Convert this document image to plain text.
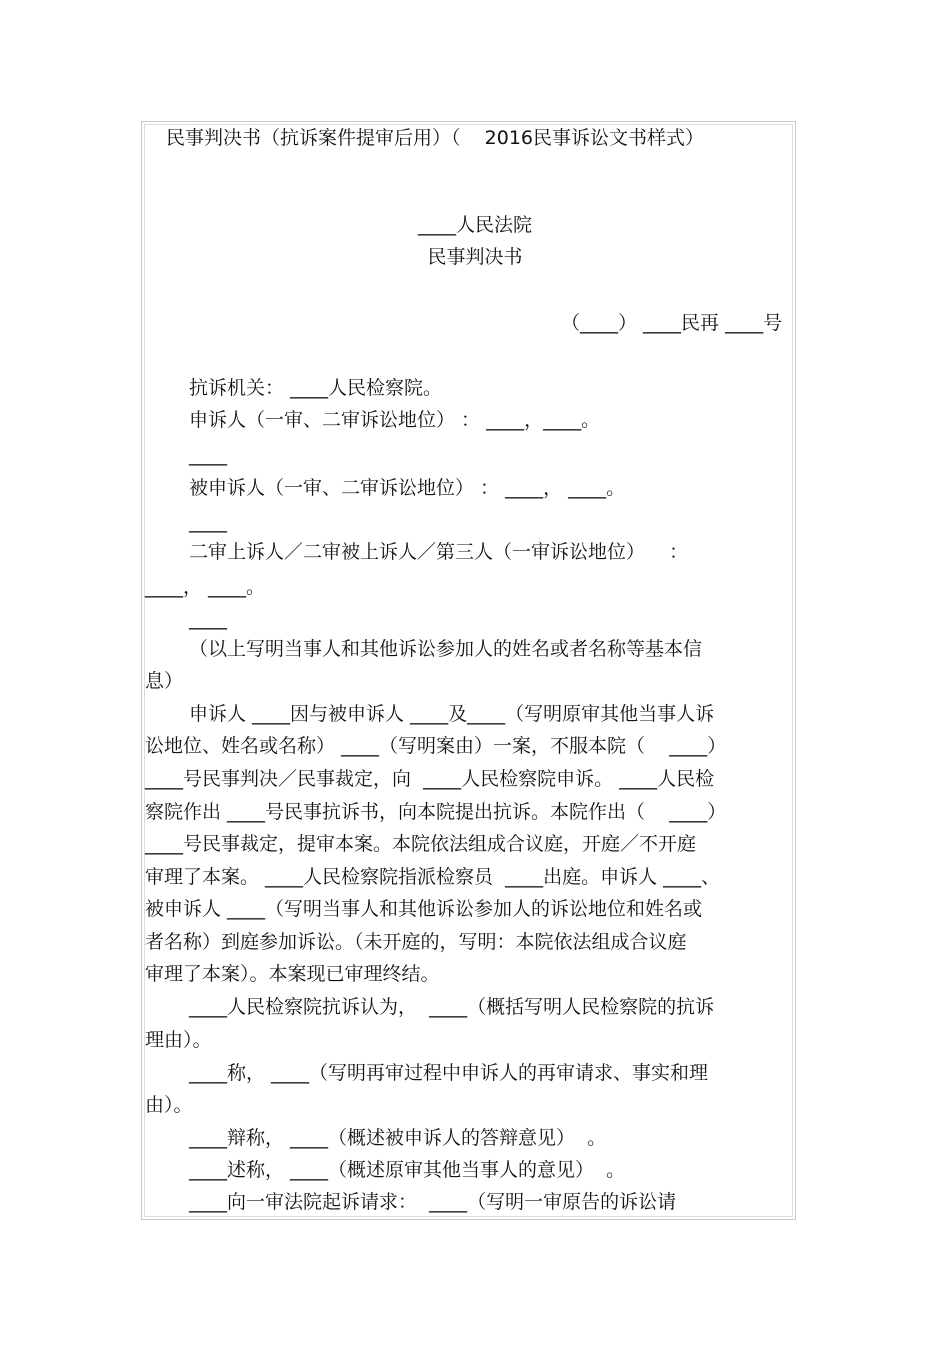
民事判决书（抗诉案件提审后用）（    2016民事诉讼文书样式）
____人民法院
民事判决书
（____） ____民再 ____号
抗诉机关： ____人民检察院。
申诉人（一审、二审诉讼地位） ： ____，____。
____
被申诉人（一审、二审诉讼地位） ： ____， ____。
____
二审上诉人／二审被上诉人／第三人（一审诉讼地位）    ：
____， ____。
____
（以上写明当事人和其他诉讼参加人的姓名或者名称等基本信
息）
申诉人 ____因与被申诉人 ____及____（写明原审其他当事人诉
讼地位、姓名或名称） ____（写明案由）一案，不服本院（    ____）
____号民事判决／民事裁定，向  ____人民检察院申诉。 ____人民检
察院作出 ____号民事抗诉书，向本院提出抗诉。本院作出（    ____）
____号民事裁定，提审本案。本院依法组成合议庭，开庭／不开庭
审理了本案。 ____人民检察院指派检察员  ____出庭。申诉人 ____、
被申诉人 ____（写明当事人和其他诉讼参加人的诉讼地位和姓名或
者名称）到庭参加诉讼。（未开庭的，写明：本院依法组成合议庭
审理了本案）。本案现已审理终结。
____人民检察院抗诉认为，  ____（概括写明人民检察院的抗诉
理由）。
____称， ____（写明再审过程中申诉人的再审请求、事实和理
由）。
____辩称， ____（概述被申诉人的答辩意见）  。
____述称， ____（概述原审其他当事人的意见）  。
____向一审法院起诉请求：  ____（写明一审原告的诉讼请
